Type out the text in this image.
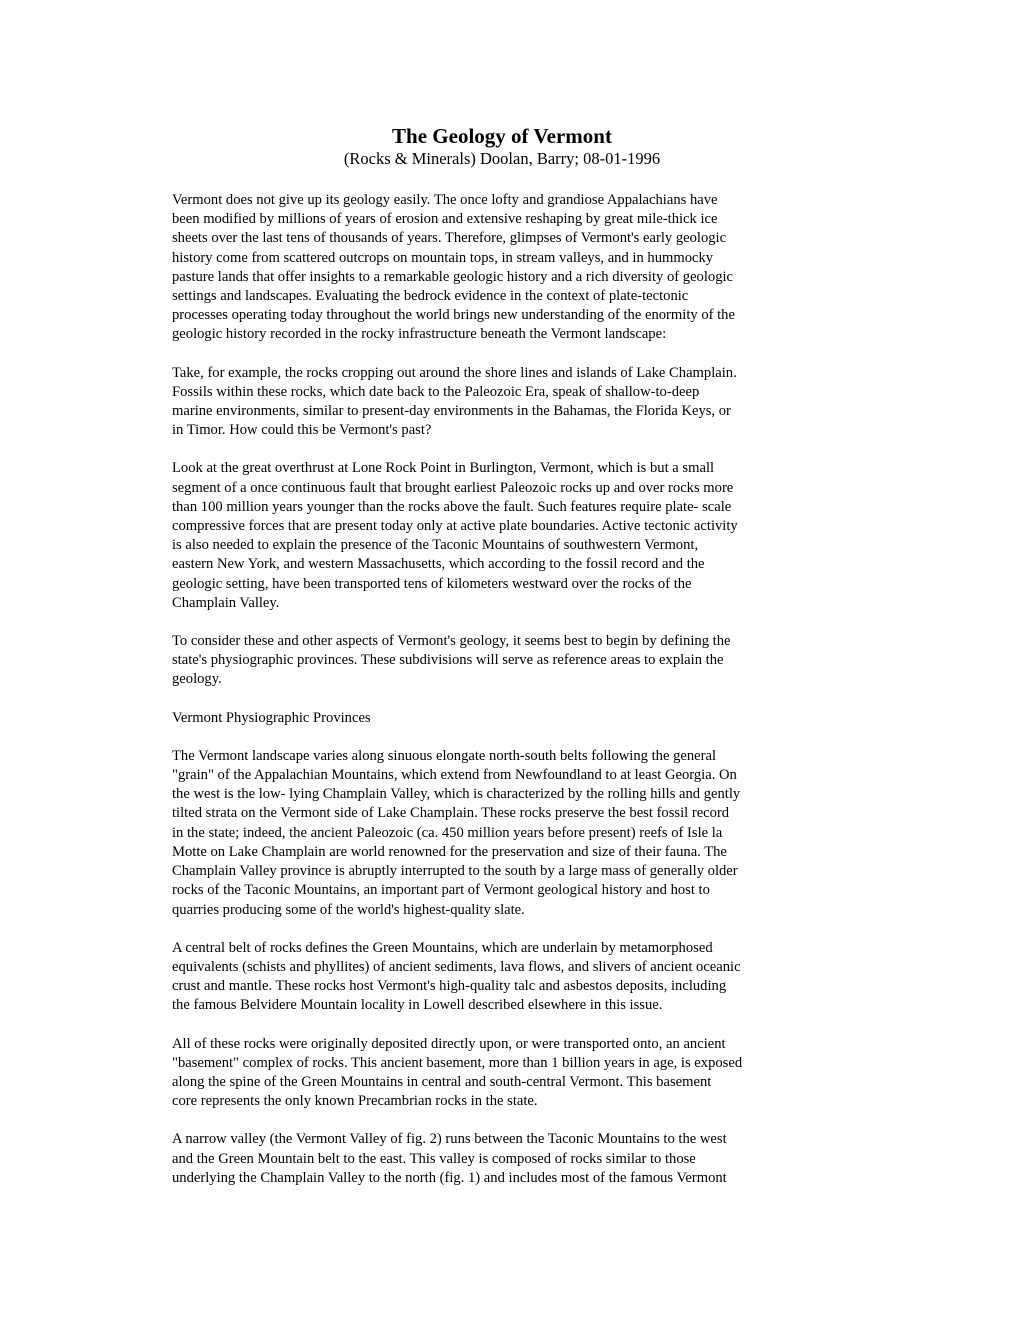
The Geology of Vermont
(Rocks & Minerals) Doolan, Barry; 08-01-1996
Vermont does not give up its geology easily. The once lofty and grandiose Appalachians have
been modified by millions of years of erosion and extensive reshaping by great mile-thick ice
sheets over the last tens of thousands of years. Therefore, glimpses of Vermont's early geologic
history come from scattered outcrops on mountain tops, in stream valleys, and in hummocky
pasture lands that offer insights to a remarkable geologic history and a rich diversity of geologic
settings and landscapes. Evaluating the bedrock evidence in the context of plate-tectonic
processes operating today throughout the world brings new understanding of the enormity of the
geologic history recorded in the rocky infrastructure beneath the Vermont landscape:
Take, for example, the rocks cropping out around the shore lines and islands of Lake Champlain.
Fossils within these rocks, which date back to the Paleozoic Era, speak of shallow-to-deep
marine environments, similar to present-day environments in the Bahamas, the Florida Keys, or
in Timor. How could this be Vermont's past?
Look at the great overthrust at Lone Rock Point in Burlington, Vermont, which is but a small
segment of a once continuous fault that brought earliest Paleozoic rocks up and over rocks more
than 100 million years younger than the rocks above the fault. Such features require plate- scale
compressive forces that are present today only at active plate boundaries. Active tectonic activity
is also needed to explain the presence of the Taconic Mountains of southwestern Vermont,
eastern New York, and western Massachusetts, which according to the fossil record and the
geologic setting, have been transported tens of kilometers westward over the rocks of the
Champlain Valley.
To consider these and other aspects of Vermont's geology, it seems best to begin by defining the
state's physiographic provinces. These subdivisions will serve as reference areas to explain the
geology.
Vermont Physiographic Provinces
The Vermont landscape varies along sinuous elongate north-south belts following the general
"grain" of the Appalachian Mountains, which extend from Newfoundland to at least Georgia. On
the west is the low- lying Champlain Valley, which is characterized by the rolling hills and gently
tilted strata on the Vermont side of Lake Champlain. These rocks preserve the best fossil record
in the state; indeed, the ancient Paleozoic (ca. 450 million years before present) reefs of Isle la
Motte on Lake Champlain are world renowned for the preservation and size of their fauna. The
Champlain Valley province is abruptly interrupted to the south by a large mass of generally older
rocks of the Taconic Mountains, an important part of Vermont geological history and host to
quarries producing some of the world's highest-quality slate.
A central belt of rocks defines the Green Mountains, which are underlain by metamorphosed
equivalents (schists and phyllites) of ancient sediments, lava flows, and slivers of ancient oceanic
crust and mantle. These rocks host Vermont's high-quality talc and asbestos deposits, including
the famous Belvidere Mountain locality in Lowell described elsewhere in this issue.
All of these rocks were originally deposited directly upon, or were transported onto, an ancient
"basement" complex of rocks. This ancient basement, more than 1 billion years in age, is exposed
along the spine of the Green Mountains in central and south-central Vermont. This basement
core represents the only known Precambrian rocks in the state.
A narrow valley (the Vermont Valley of fig. 2) runs between the Taconic Mountains to the west
and the Green Mountain belt to the east. This valley is composed of rocks similar to those
underlying the Champlain Valley to the north (fig. 1) and includes most of the famous Vermont
